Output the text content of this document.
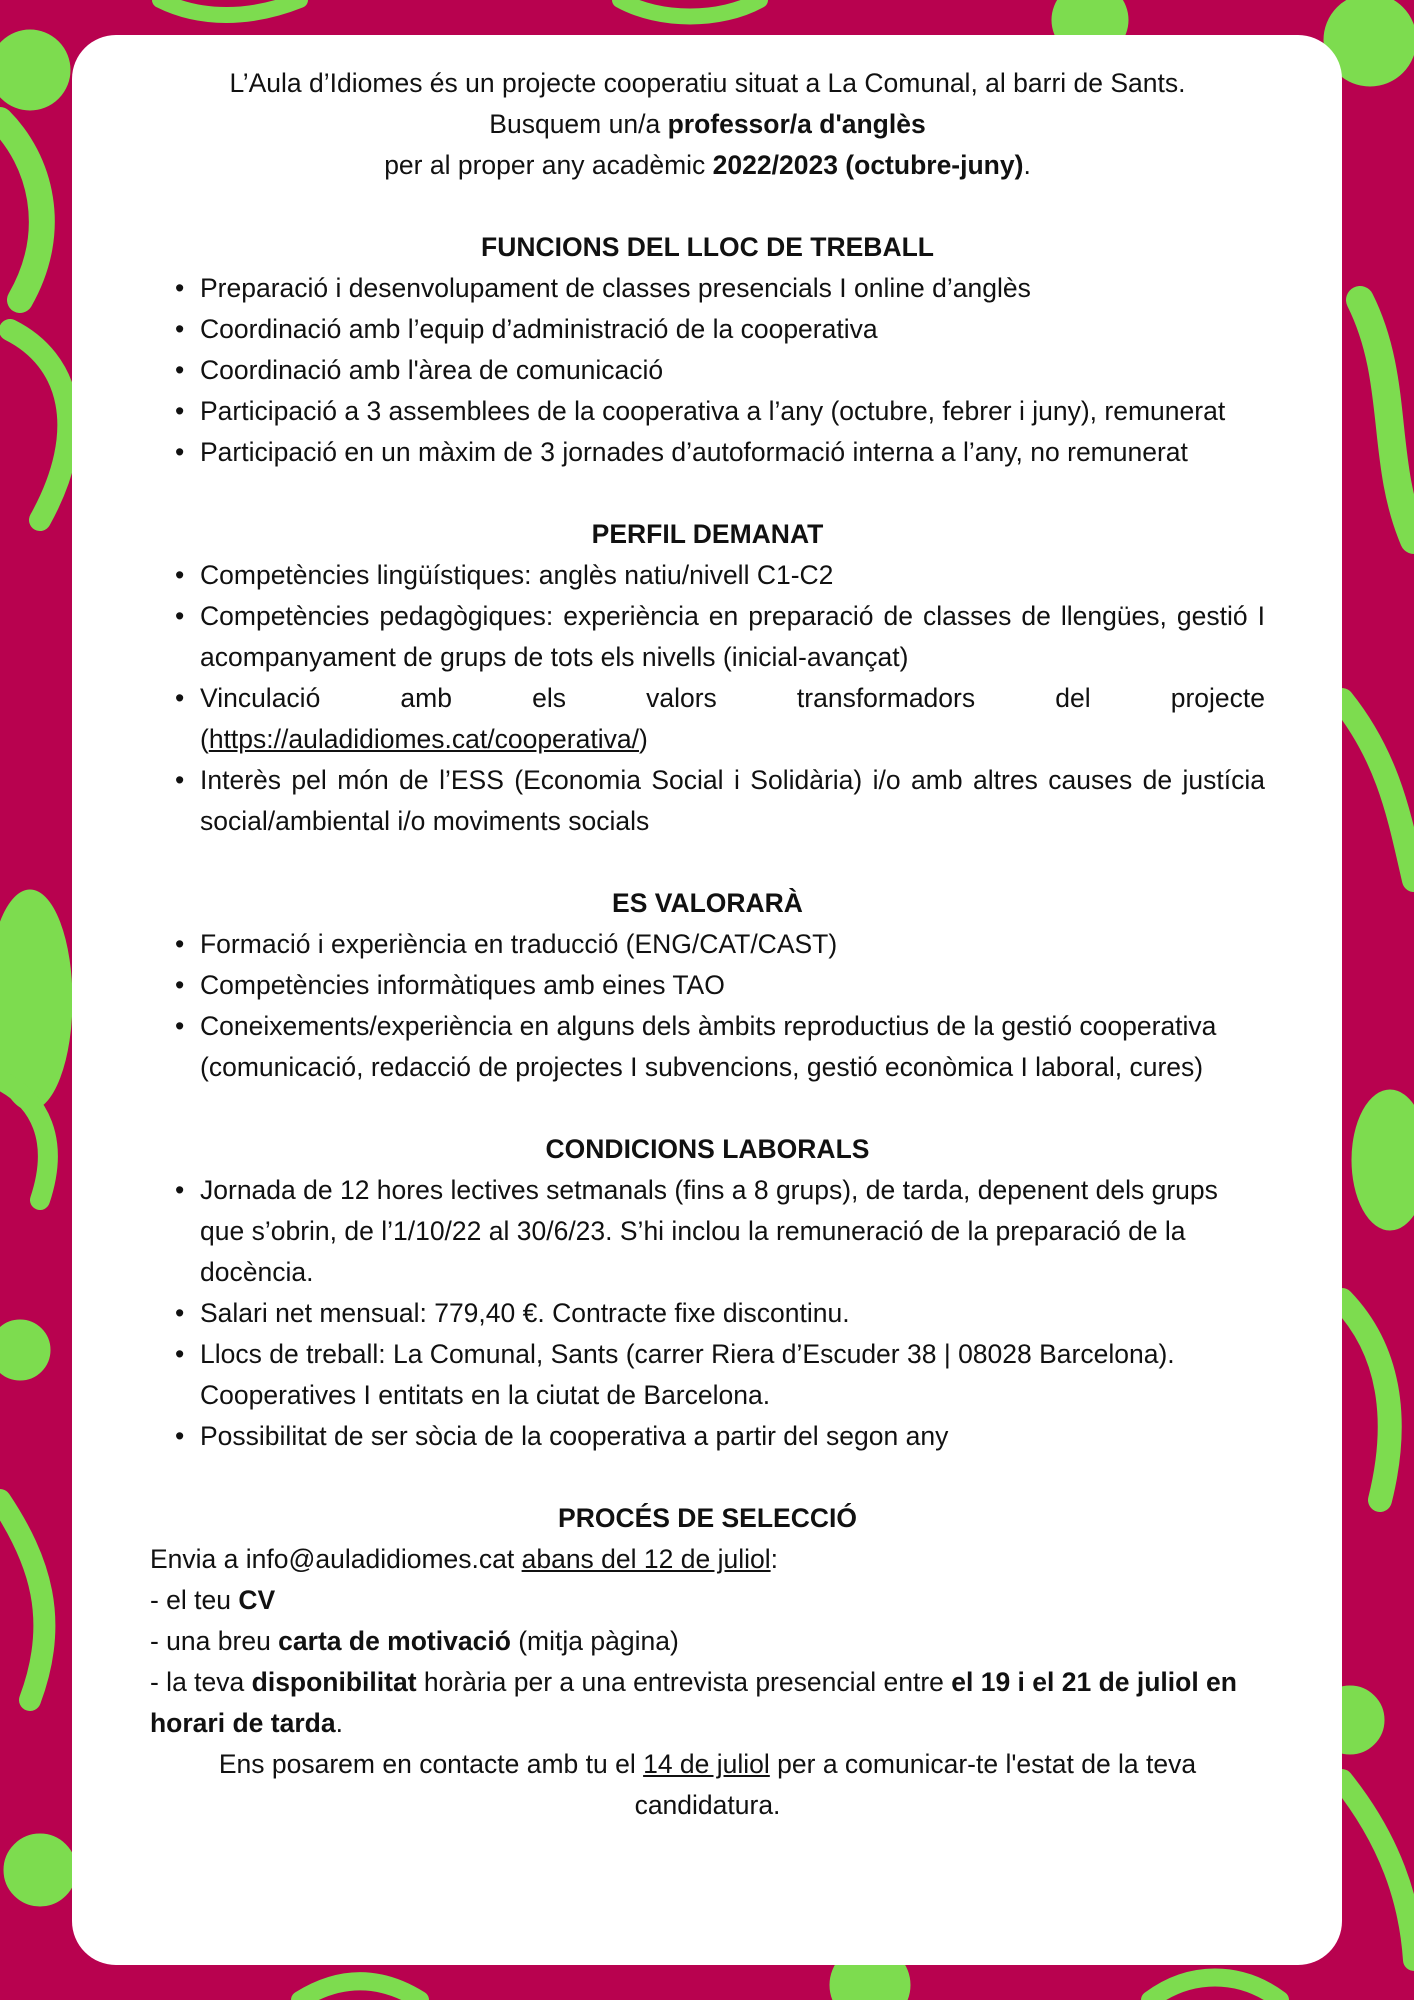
L’Aula d’Idiomes és un projecte cooperatiu situat a La Comunal, al barri de Sants.

Busquem un/a professor/a d'anglès

per al proper any acadèmic 2022/2023 (octubre-juny).

FUNCIONS DEL LLOC DE TREBALL

• Preparació i desenvolupament de classes presencials I online d’anglès
• Coordinació amb l’equip d’administració de la cooperativa
• Coordinació amb l'àrea de comunicació
• Participació a 3 assemblees de la cooperativa a l’any (octubre, febrer i juny), remunerat
• Participació en un màxim de 3 jornades d’autoformació interna a l’any, no remunerat

PERFIL DEMANAT

• Competències lingüístiques: anglès natiu/nivell C1-C2
• Competències pedagògiques: experiència en preparació de classes de llengües, gestió I acompanyament de grups de tots els nivells (inicial-avançat)
• Vinculació amb els valors transformadors del projecte (https://auladidiomes.cat/cooperativa/)
• Interès pel món de l’ESS (Economia Social i Solidària) i/o amb altres causes de justícia social/ambiental i/o moviments socials

ES VALORARÀ

• Formació i experiència en traducció (ENG/CAT/CAST)
• Competències informàtiques amb eines TAO
• Coneixements/experiència en alguns dels àmbits reproductius de la gestió cooperativa (comunicació, redacció de projectes I subvencions, gestió econòmica I laboral, cures)

CONDICIONS LABORALS

• Jornada de 12 hores lectives setmanals (fins a 8 grups), de tarda, depenent dels grups que s’obrin, de l’1/10/22 al 30/6/23. S’hi inclou la remuneració de la preparació de la docència.
• Salari net mensual: 779,40 €. Contracte fixe discontinu.
• Llocs de treball: La Comunal, Sants (carrer Riera d’Escuder 38 | 08028 Barcelona). Cooperatives I entitats en la ciutat de Barcelona.
• Possibilitat de ser sòcia de la cooperativa a partir del segon any

PROCÉS DE SELECCIÓ

Envia a info@auladidiomes.cat abans del 12 de juliol:

- el teu CV

- una breu carta de motivació (mitja pàgina)

- la teva disponibilitat horària per a una entrevista presencial entre el 19 i el 21 de juliol en horari de tarda.

Ens posarem en contacte amb tu el 14 de juliol per a comunicar-te l'estat de la teva candidatura.
